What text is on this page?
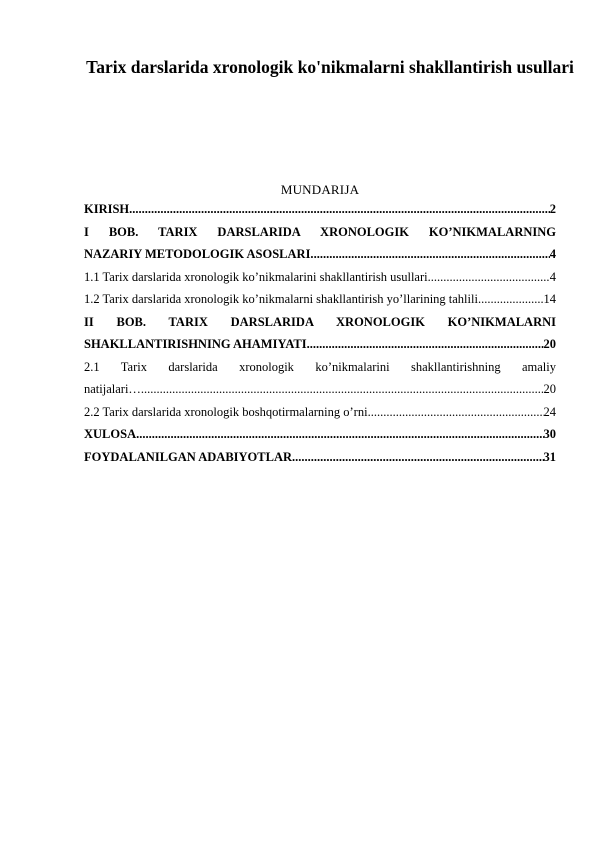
Tarix darslarida xronologik ko'nikmalarni shakllantirish usullari
MUNDARIJA
KIRISH .....	2
I BOB. TARIX DARSLARIDA XRONOLOGIK KO’NIKMALARNING
NAZARIY METODOLOGIK ASOSLARI. .....	4
1.1 Tarix darslarida xronologik ko’nikmalarini shakllantirish usullari .....	4
1.2 Tarix darslarida xronologik ko’nikmalarni shakllantirish yo’llarining tahlili .....	14
II BOB. TARIX DARSLARIDA XRONOLOGIK KO’NIKMALARNI
SHAKLLANTIRISHNING AHAMIYATI. .....	20
2.1 Tarix darslarida xronologik ko’nikmalarini shakllantirishning amaliy
natijalari… .....	20
2.2 Tarix darslarida xronologik boshqotirmalarning o’rni .....	24
XULOSA .....	30
FOYDALANILGAN ADABIYOTLAR .....	31
